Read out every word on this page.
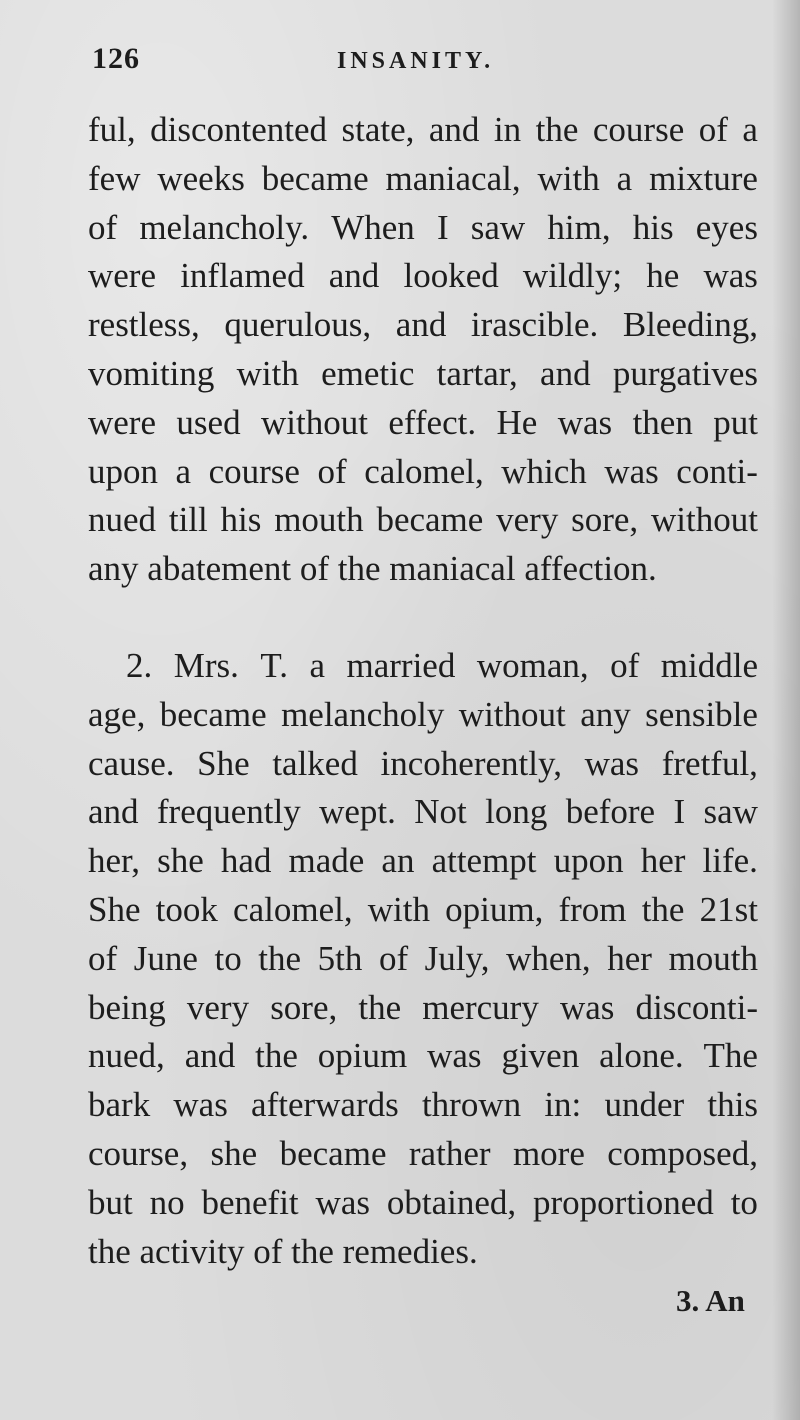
126	INSANITY.

ful, discontented state, and in the course of a
few weeks became maniacal, with a mixture
of melancholy. When I saw him, his eyes
were inflamed and looked wildly; he was
restless, querulous, and irascible. Bleeding,
vomiting with emetic tartar, and purgatives
were used without effect. He was then put
upon a course of calomel, which was conti-
nued till his mouth became very sore, without
any abatement of the maniacal affection.

2. Mrs. T. a married woman, of middle
age, became melancholy without any sensible
cause. She talked incoherently, was fretful,
and frequently wept. Not long before I saw
her, she had made an attempt upon her life.
She took calomel, with opium, from the 21st
of June to the 5th of July, when, her mouth
being very sore, the mercury was disconti-
nued, and the opium was given alone. The
bark was afterwards thrown in: under this
course, she became rather more composed,
but no benefit was obtained, proportioned to
the activity of the remedies.

3. An
